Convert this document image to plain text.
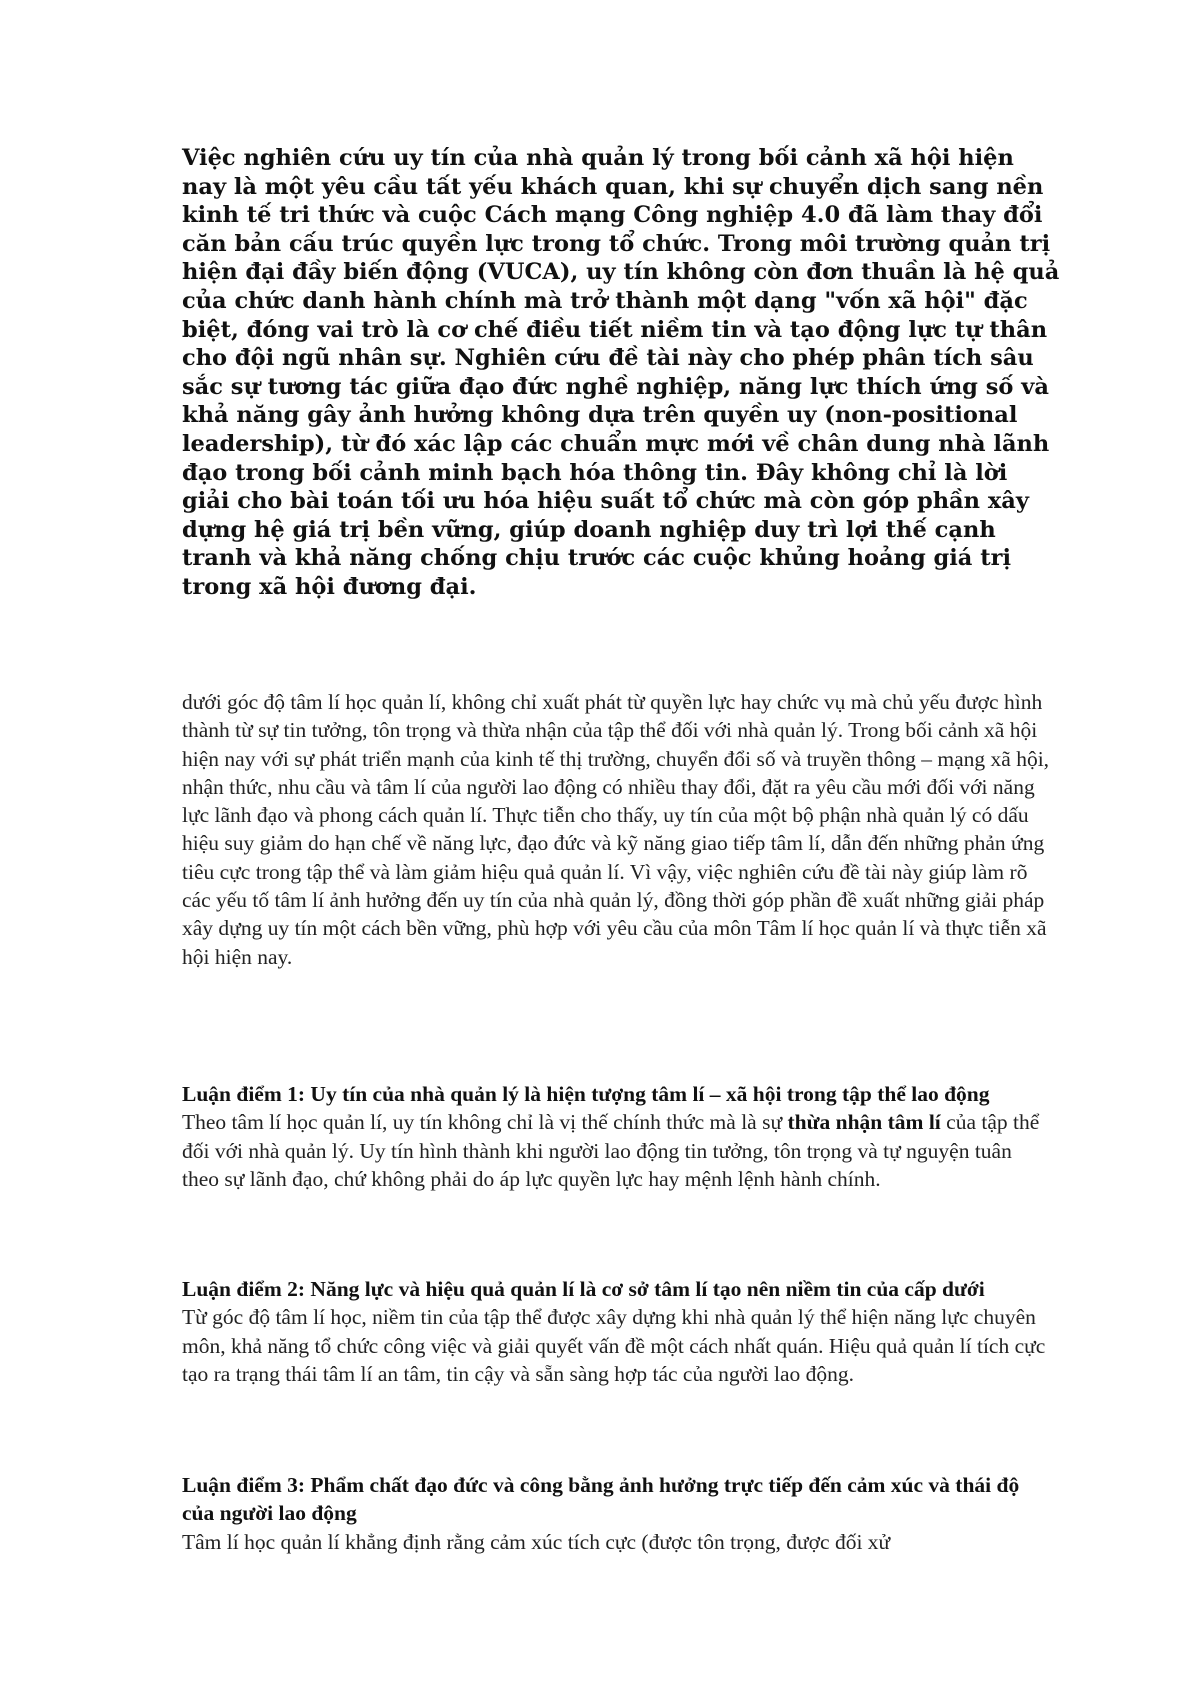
Việc nghiên cứu uy tín của nhà quản lý trong bối cảnh xã hội hiện nay là một yêu cầu tất yếu khách quan, khi sự chuyển dịch sang nền kinh tế tri thức và cuộc Cách mạng Công nghiệp 4.0 đã làm thay đổi căn bản cấu trúc quyền lực trong tổ chức. Trong môi trường quản trị hiện đại đầy biến động (VUCA), uy tín không còn đơn thuần là hệ quả của chức danh hành chính mà trở thành một dạng "vốn xã hội" đặc biệt, đóng vai trò là cơ chế điều tiết niềm tin và tạo động lực tự thân cho đội ngũ nhân sự. Nghiên cứu đề tài này cho phép phân tích sâu sắc sự tương tác giữa đạo đức nghề nghiệp, năng lực thích ứng số và khả năng gây ảnh hưởng không dựa trên quyền uy (non-positional leadership), từ đó xác lập các chuẩn mực mới về chân dung nhà lãnh đạo trong bối cảnh minh bạch hóa thông tin. Đây không chỉ là lời giải cho bài toán tối ưu hóa hiệu suất tổ chức mà còn góp phần xây dựng hệ giá trị bền vững, giúp doanh nghiệp duy trì lợi thế cạnh tranh và khả năng chống chịu trước các cuộc khủng hoảng giá trị trong xã hội đương đại.

dưới góc độ tâm lí học quản lí, không chỉ xuất phát từ quyền lực hay chức vụ mà chủ yếu được hình thành từ sự tin tưởng, tôn trọng và thừa nhận của tập thể đối với nhà quản lý. Trong bối cảnh xã hội hiện nay với sự phát triển mạnh của kinh tế thị trường, chuyển đổi số và truyền thông – mạng xã hội, nhận thức, nhu cầu và tâm lí của người lao động có nhiều thay đổi, đặt ra yêu cầu mới đối với năng lực lãnh đạo và phong cách quản lí. Thực tiễn cho thấy, uy tín của một bộ phận nhà quản lý có dấu hiệu suy giảm do hạn chế về năng lực, đạo đức và kỹ năng giao tiếp tâm lí, dẫn đến những phản ứng tiêu cực trong tập thể và làm giảm hiệu quả quản lí. Vì vậy, việc nghiên cứu đề tài này giúp làm rõ các yếu tố tâm lí ảnh hưởng đến uy tín của nhà quản lý, đồng thời góp phần đề xuất những giải pháp xây dựng uy tín một cách bền vững, phù hợp với yêu cầu của môn Tâm lí học quản lí và thực tiễn xã hội hiện nay.

Luận điểm 1: Uy tín của nhà quản lý là hiện tượng tâm lí – xã hội trong tập thể lao động

Theo tâm lí học quản lí, uy tín không chỉ là vị thế chính thức mà là sự thừa nhận tâm lí của tập thể đối với nhà quản lý. Uy tín hình thành khi người lao động tin tưởng, tôn trọng và tự nguyện tuân theo sự lãnh đạo, chứ không phải do áp lực quyền lực hay mệnh lệnh hành chính.

Luận điểm 2: Năng lực và hiệu quả quản lí là cơ sở tâm lí tạo nên niềm tin của cấp dưới

Từ góc độ tâm lí học, niềm tin của tập thể được xây dựng khi nhà quản lý thể hiện năng lực chuyên môn, khả năng tổ chức công việc và giải quyết vấn đề một cách nhất quán. Hiệu quả quản lí tích cực tạo ra trạng thái tâm lí an tâm, tin cậy và sẵn sàng hợp tác của người lao động.

Luận điểm 3: Phẩm chất đạo đức và công bằng ảnh hưởng trực tiếp đến cảm xúc và thái độ của người lao động

Tâm lí học quản lí khẳng định rằng cảm xúc tích cực (được tôn trọng, được đối xử
